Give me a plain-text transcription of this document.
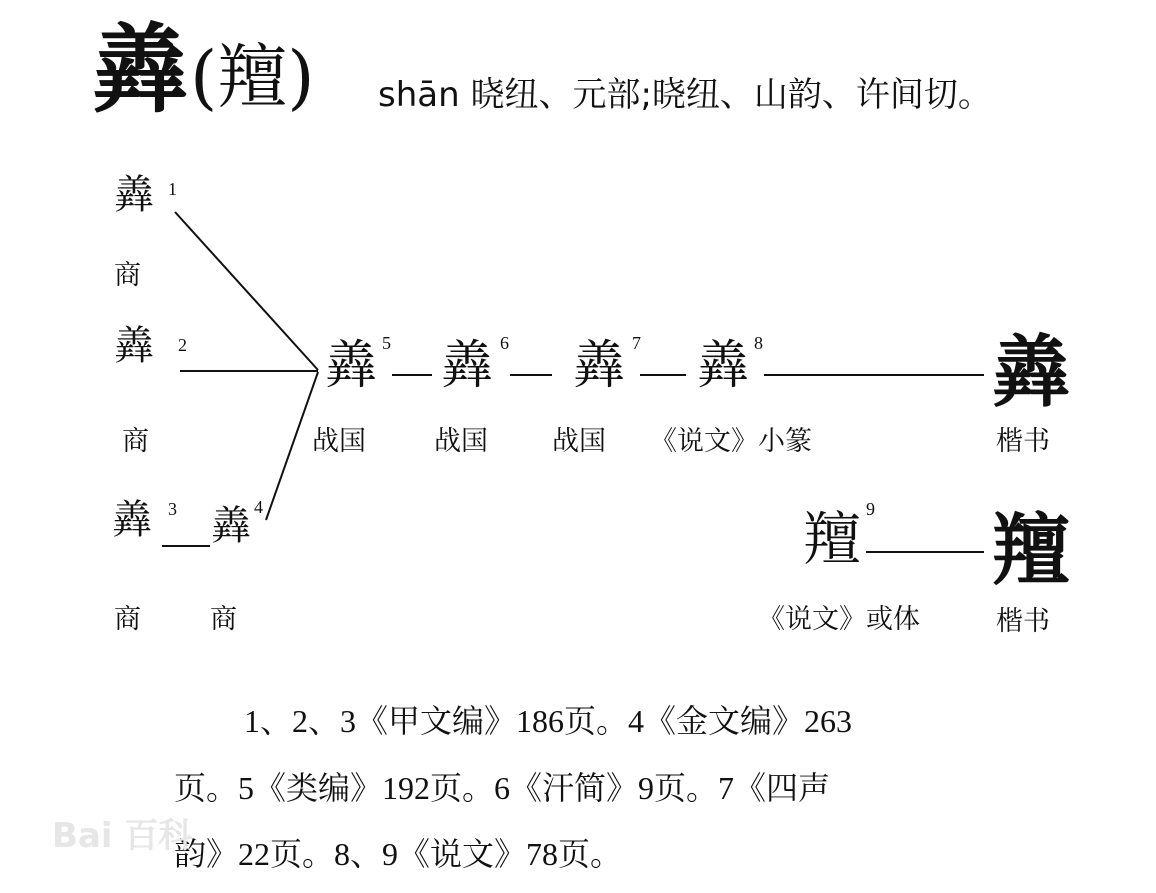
羴 (羶) shān 晓纽、元部;晓纽、山韵、许间切。
羴 1
商
羴	2
商
羴 3
商
羴 4
商
羴 5
战国
羴 6
战国
羴 7
战国
羴 8
《说文》小篆
羶 9
《说文》或体
羴
楷书
羶
楷书
1、2、3《甲文编》186页。4《金文编》263
页。5《类编》192页。6《汗简》9页。7《四声
韵》22页。8、9《说文》78页。
Bai 百科
